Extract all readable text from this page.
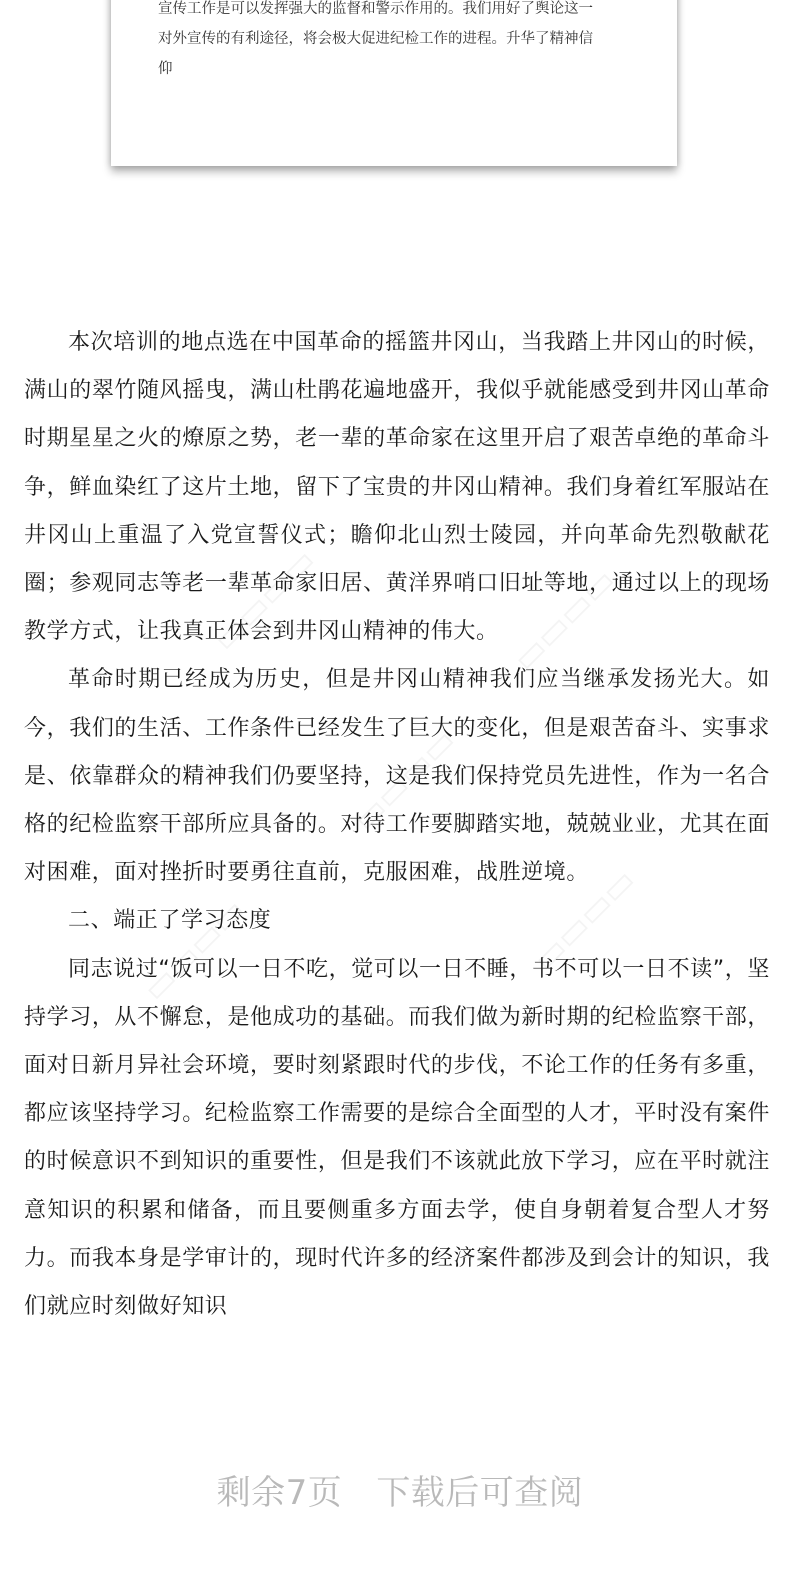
宣传工作是可以发挥强大的监督和警示作用的。我们用好了舆论这一
对外宣传的有利途径，将会极大促进纪检工作的进程。升华了精神信
仰

本次培训的地点选在中国革命的摇篮井冈山，当我踏上井冈山的时候，满山的翠竹随风摇曳，满山杜鹃花遍地盛开，我似乎就能感受到井冈山革命时期星星之火的燎原之势，老一辈的革命家在这里开启了艰苦卓绝的革命斗争，鲜血染红了这片土地，留下了宝贵的井冈山精神。我们身着红军服站在井冈山上重温了入党宣誓仪式；瞻仰北山烈士陵园，并向革命先烈敬献花圈；参观同志等老一辈革命家旧居、黄洋界哨口旧址等地，通过以上的现场教学方式，让我真正体会到井冈山精神的伟大。

革命时期已经成为历史，但是井冈山精神我们应当继承发扬光大。如今，我们的生活、工作条件已经发生了巨大的变化，但是艰苦奋斗、实事求是、依靠群众的精神我们仍要坚持，这是我们保持党员先进性，作为一名合格的纪检监察干部所应具备的。对待工作要脚踏实地，兢兢业业，尤其在面对困难，面对挫折时要勇往直前，克服困难，战胜逆境。

二、端正了学习态度

同志说过“饭可以一日不吃，觉可以一日不睡，书不可以一日不读”，坚持学习，从不懈怠，是他成功的基础。而我们做为新时期的纪检监察干部，面对日新月异社会环境，要时刻紧跟时代的步伐，不论工作的任务有多重，都应该坚持学习。纪检监察工作需要的是综合全面型的人才，平时没有案件的时候意识不到知识的重要性，但是我们不该就此放下学习，应在平时就注意知识的积累和储备，而且要侧重多方面去学，使自身朝着复合型人才努力。而我本身是学审计的，现时代许多的经济案件都涉及到会计的知识，我们就应时刻做好知识

剩余7页 下载后可查阅
